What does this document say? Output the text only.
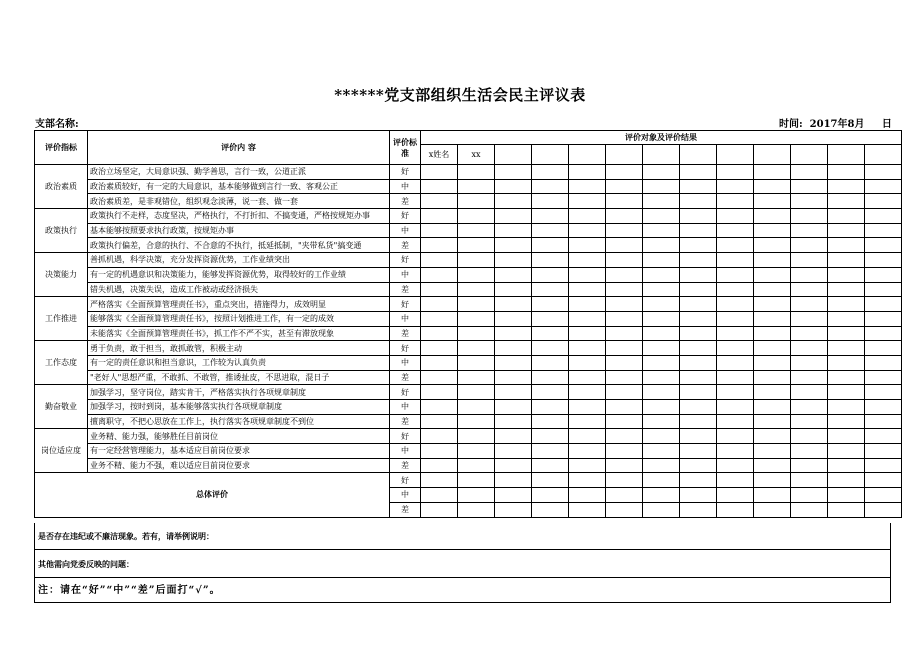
******党支部组织生活会民主评议表
支部名称:	时间:  2017年8月     日
评价指标	评价内 容	评价标准	评价对象及评价结果												
			x姓名	xx											
政治素质	政治立场坚定，大局意识强、勤学善思，言行一致，公道正派	好													
	政治素质较好，有一定的大局意识，基本能够做到言行一致、客观公正	中													
	政治素质差，是非观错位，组织观念淡薄，说一套、做一套	差													
政策执行	政策执行不走样，态度坚决，严格执行，不打折扣、不搞变通，严格按规矩办事	好													
	基本能够按照要求执行政策，按规矩办事	中													
	政策执行偏差，合意的执行、不合意的不执行，抵延抵制，"夹带私货"搞变通	差													
决策能力	善抓机遇，科学决策，充分发挥资源优势，工作业绩突出	好													
	有一定的机遇意识和决策能力，能够发挥资源优势，取得较好的工作业绩	中													
	错失机遇，决策失误，造成工作被动或经济损失	差													
工作推进	严格落实《全面预算管理责任书》，重点突出，措施得力，成效明显	好													
	能够落实《全面预算管理责任书》，按照计划推进工作，有一定的成效	中													
	未能落实《全面预算管理责任书》，抓工作不严不实，甚至有滞放现象	差													
工作态度	勇于负责，敢于担当，敢抓敢管，积极主动	好													
	有一定的责任意识和担当意识，工作较为认真负责	中													
	"老好人"思想严重，不敢抓、不敢管，推诿扯皮，不思进取，混日子	差													
勤奋敬业	加强学习，坚守岗位，踏实肯干，严格落实执行各项规章制度	好													
	加强学习，按时到岗，基本能够落实执行各项规章制度	中													
	擅离职守，不把心思放在工作上，执行落实各项规章制度不到位	差													
岗位适应度	业务精、能力强，能够胜任目前岗位	好													
	有一定经营管理能力，基本适应目前岗位要求	中													
	业务不精、能力不强，难以适应目前岗位要求	差													
总体评价		好													
		中													
		差													
是否存在违纪或不廉洁现象。若有，请举例说明：
其他需向党委反映的问题：
注：请在“好”“中”“差”后面打“√”。
